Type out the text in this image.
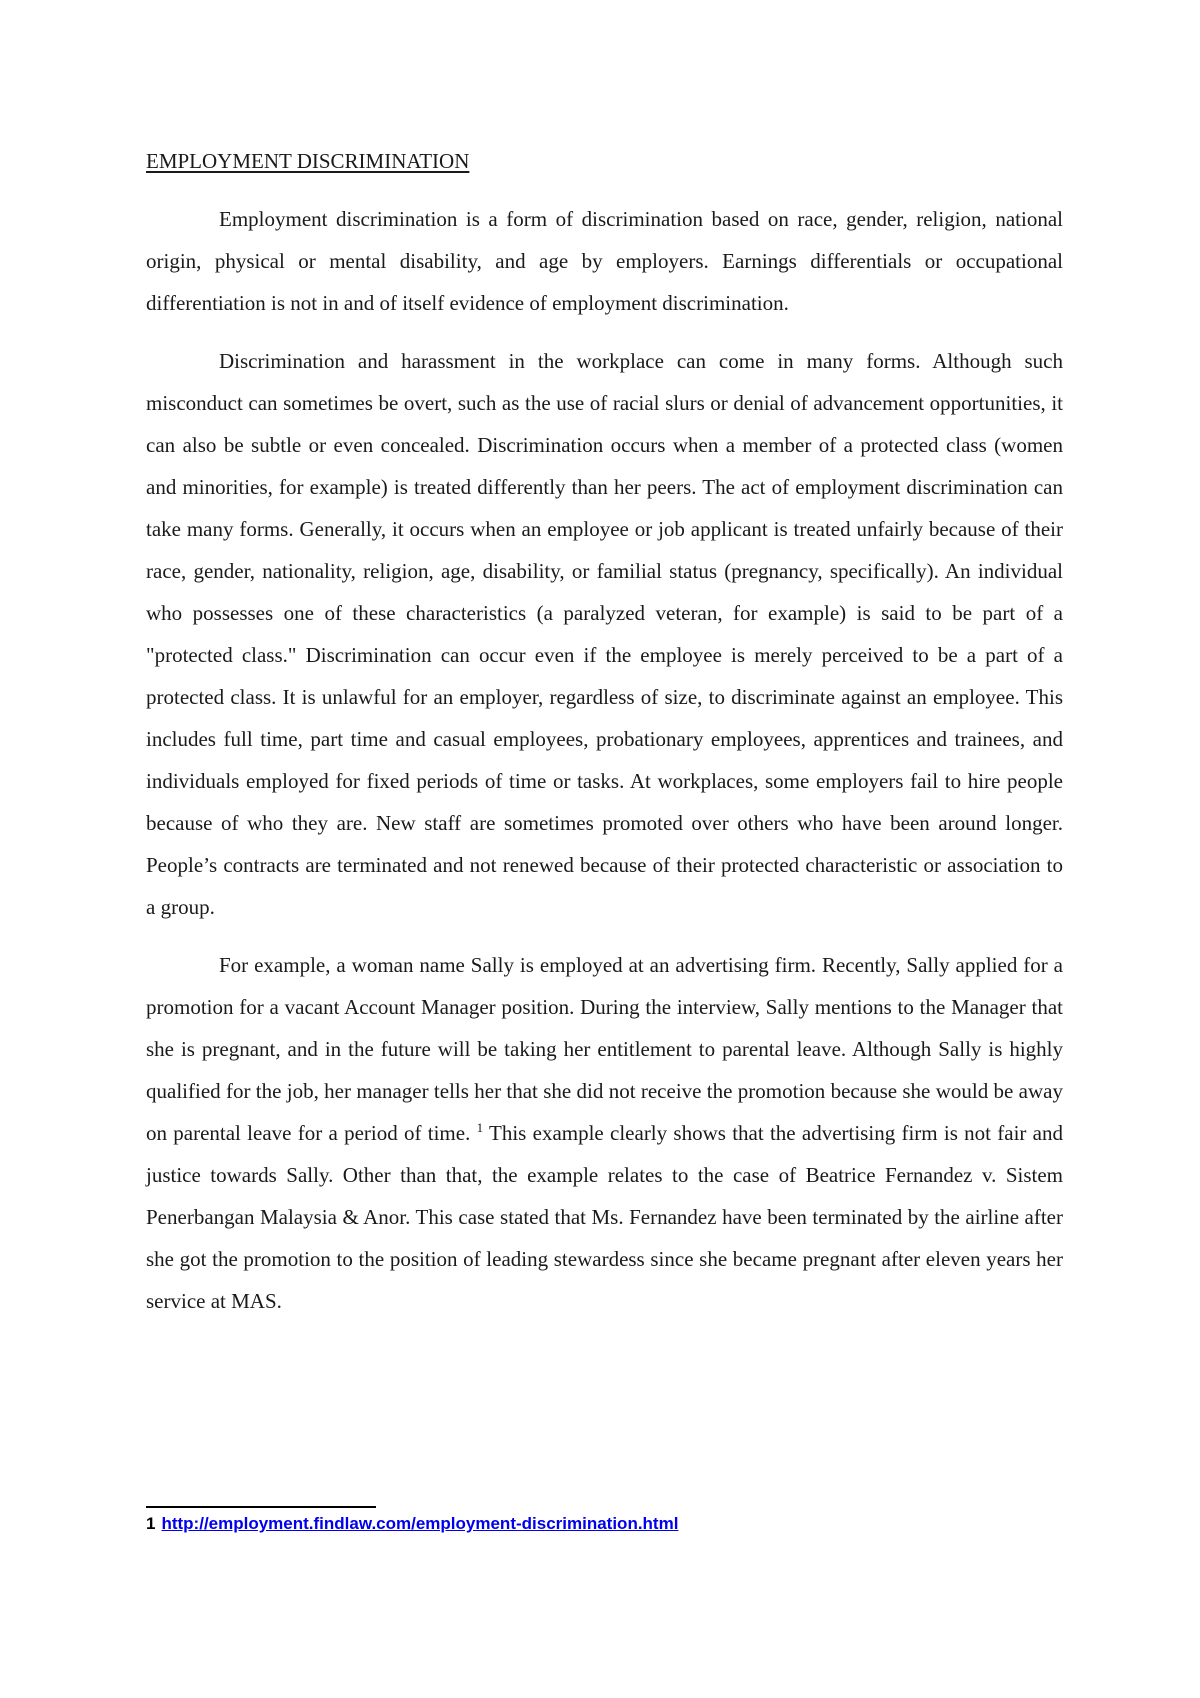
EMPLOYMENT DISCRIMINATION

Employment discrimination is a form of discrimination based on race, gender, religion, national origin, physical or mental disability, and age by employers. Earnings differentials or occupational differentiation is not in and of itself evidence of employment discrimination.

Discrimination and harassment in the workplace can come in many forms. Although such misconduct can sometimes be overt, such as the use of racial slurs or denial of advancement opportunities, it can also be subtle or even concealed. Discrimination occurs when a member of a protected class (women and minorities, for example) is treated differently than her peers. The act of employment discrimination can take many forms. Generally, it occurs when an employee or job applicant is treated unfairly because of their race, gender, nationality, religion, age, disability, or familial status (pregnancy, specifically). An individual who possesses one of these characteristics (a paralyzed veteran, for example) is said to be part of a "protected class." Discrimination can occur even if the employee is merely perceived to be a part of a protected class. It is unlawful for an employer, regardless of size, to discriminate against an employee. This includes full time, part time and casual employees, probationary employees, apprentices and trainees, and individuals employed for fixed periods of time or tasks. At workplaces, some employers fail to hire people because of who they are. New staff are sometimes promoted over others who have been around longer. People’s contracts are terminated and not renewed because of their protected characteristic or association to a group.

For example, a woman name Sally is employed at an advertising firm. Recently, Sally applied for a promotion for a vacant Account Manager position. During the interview, Sally mentions to the Manager that she is pregnant, and in the future will be taking her entitlement to parental leave. Although Sally is highly qualified for the job, her manager tells her that she did not receive the promotion because she would be away on parental leave for a period of time. $^1$ This example clearly shows that the advertising firm is not fair and justice towards Sally. Other than that, the example relates to the case of Beatrice Fernandez v. Sistem Penerbangan Malaysia & Anor. This case stated that Ms. Fernandez have been terminated by the airline after she got the promotion to the position of leading stewardess since she became pregnant after eleven years her service at MAS.

1 http://employment.findlaw.com/employment-discrimination.html
